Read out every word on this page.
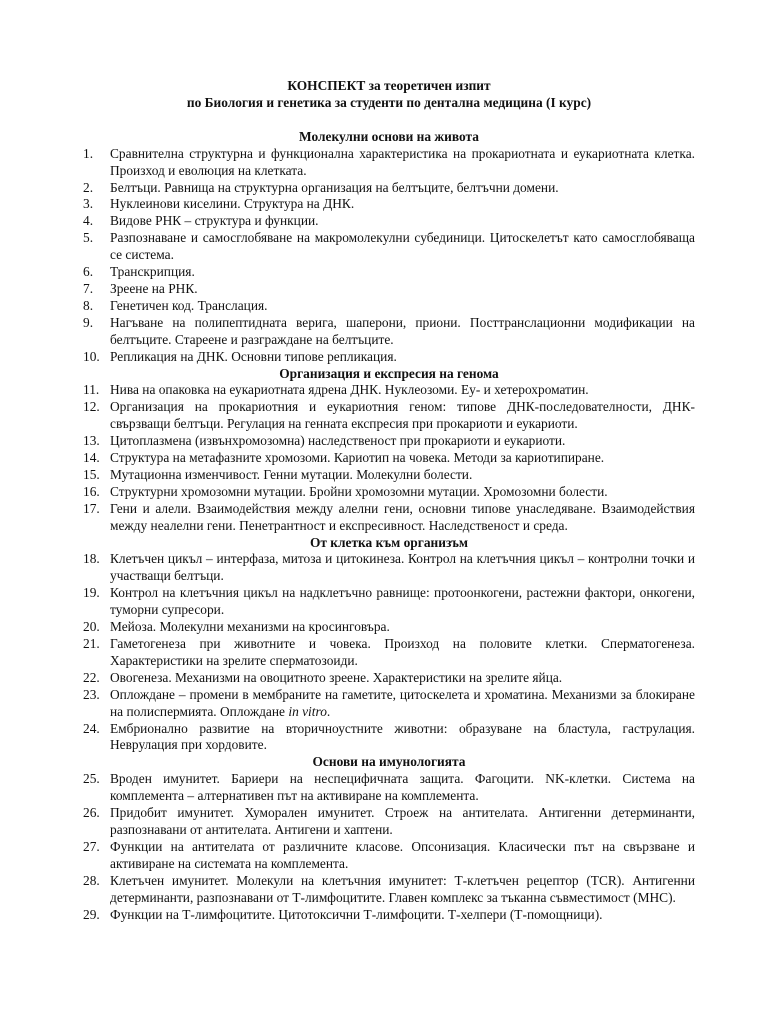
КОНСПЕКТ за теоретичен изпит

по Биология и генетика за студенти по дентална медицина (I курс)

Молекулни основи на живота

1. Сравнителна структурна и функционална характеристика на прокариотната и еукариотната клетка. Произход и еволюция на клетката.
2. Белтъци. Равнища на структурна организация на белтъците, белтъчни домени.
3. Нуклеинови киселини. Структура на ДНК.
4. Видове РНК – структура и функции.
5. Разпознаване и самосглобяване на макромолекулни субединици. Цитоскелетът като самосглобяваща се система.
6. Транскрипция.
7. Зреене на РНК.
8. Генетичен код. Транслация.
9. Нагъване на полипептидната верига, шаперони, приони. Посттранслационни модификации на белтъците. Стареене и разграждане на белтъците.
10. Репликация на ДНК. Основни типове репликация.

Организация и експресия на генома

11. Нива на опаковка на еукариотната ядрена ДНК. Нуклеозоми. Еу- и хетерохроматин.
12. Организация на прокариотния и еукариотния геном: типове ДНК-последователности, ДНК-свързващи белтъци. Регулация на генната експресия при прокариоти и еукариоти.
13. Цитоплазмена (извънхромозомна) наследственост при прокариоти и еукариоти.
14. Структура на метафазните хромозоми. Кариотип на човека. Методи за кариотипиране.
15. Мутационна изменчивост. Генни мутации. Молекулни болести.
16. Структурни хромозомни мутации. Бройни хромозомни мутации. Хромозомни болести.
17. Гени и алели. Взаимодействия между алелни гени, основни типове унаследяване. Взаимодействия между неалелни гени. Пенетрантност и експресивност. Наследственост и среда.

От клетка към организъм

18. Клетъчен цикъл – интерфаза, митоза и цитокинеза. Контрол на клетъчния цикъл – контролни точки и участващи белтъци.
19. Контрол на клетъчния цикъл на надклетъчно равнище: протоонкогени, растежни фактори, онкогени, туморни супресори.
20. Мейоза. Молекулни механизми на кросинговъра.
21. Гаметогенеза при животните и човека. Произход на половите клетки. Сперматогенеза. Характеристики на зрелите сперматозоиди.
22. Овогенеза. Механизми на овоцитното зреене. Характеристики на зрелите яйца.
23. Оплождане – промени в мембраните на гаметите, цитоскелета и хроматина. Механизми за блокиране на полиспермията. Оплождане in vitro.
24. Ембрионално развитие на вторичноустните животни: образуване на бластула, гаструлация. Неврулация при хордовите.

Основи на имунологията

25. Вроден имунитет. Бариери на неспецифичната защита. Фагоцити. NK-клетки. Система на комплемента – алтернативен път на активиране на комплемента.
26. Придобит имунитет. Хуморален имунитет. Строеж на антителата. Антигенни детерминанти, разпознавани от антителата. Антигени и хаптени.
27. Функции на антителата от различните класове. Опсонизация. Класически път на свързване и активиране на системата на комплемента.
28. Клетъчен имунитет. Молекули на клетъчния имунитет: Т-клетъчен рецептор (TCR). Антигенни детерминанти, разпознавани от Т-лимфоцитите. Главен комплекс за тъканна съвместимост (MHC).
29. Функции на Т-лимфоцитите. Цитотоксични Т-лимфоцити. Т-хелпери (Т-помощници).
